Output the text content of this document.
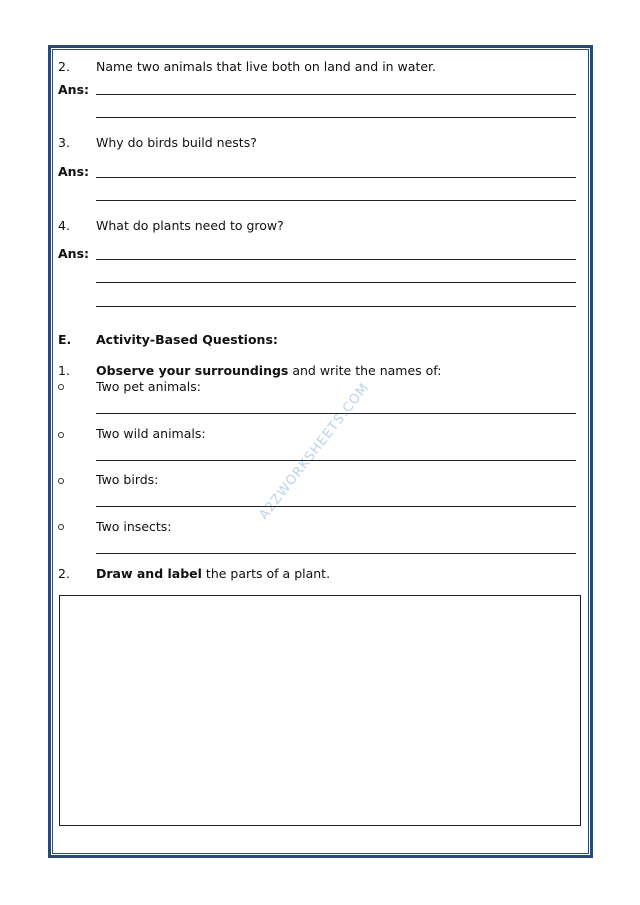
A2ZWORKSHEETS.COM
2. Name two animals that live both on land and in water.
Ans:
3. Why do birds build nests?
Ans:
4. What do plants need to grow?
Ans:
E. Activity-Based Questions:
1. Observe your surroundings and write the names of:
Two pet animals:
Two wild animals:
Two birds:
Two insects:
2. Draw and label the parts of a plant.
